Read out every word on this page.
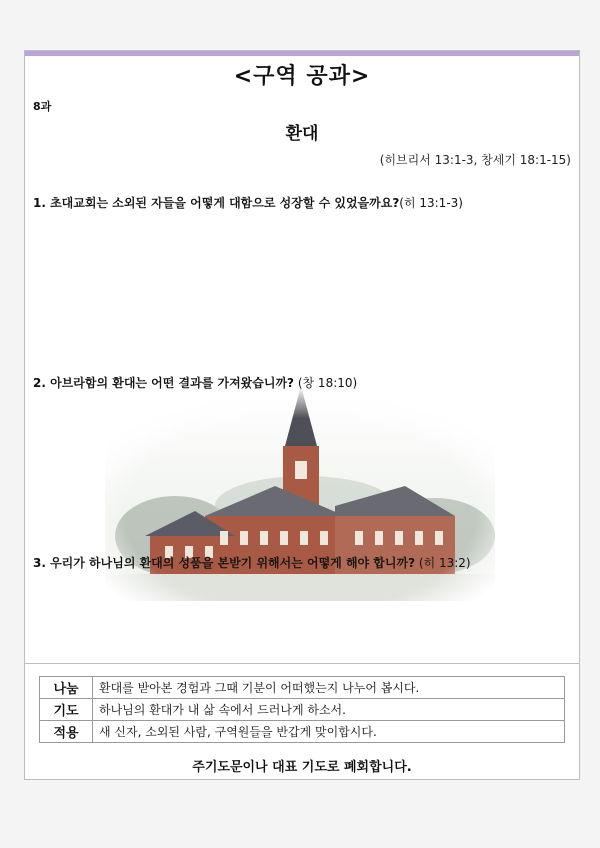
<구역 공과>
8과
환대
(히브리서 13:1-3, 창세기 18:1-15)
1. 초대교회는 소외된 자들을 어떻게 대함으로 성장할 수 있었을까요?(히 13:1-3)
2. 아브라함의 환대는 어떤 결과를 가져왔습니까? (창 18:10)
3. 우리가 하나님의 환대의 성품을 본받기 위해서는 어떻게 해야 합니까? (히 13:2)
나눔	환대를 받아본 경험과 그때 기분이 어떠했는지 나누어 봅시다.
기도	하나님의 환대가 내 삶 속에서 드러나게 하소서.
적용	새 신자, 소외된 사람, 구역원들을 반갑게 맞이합시다.
주기도문이나 대표 기도로 폐회합니다.
